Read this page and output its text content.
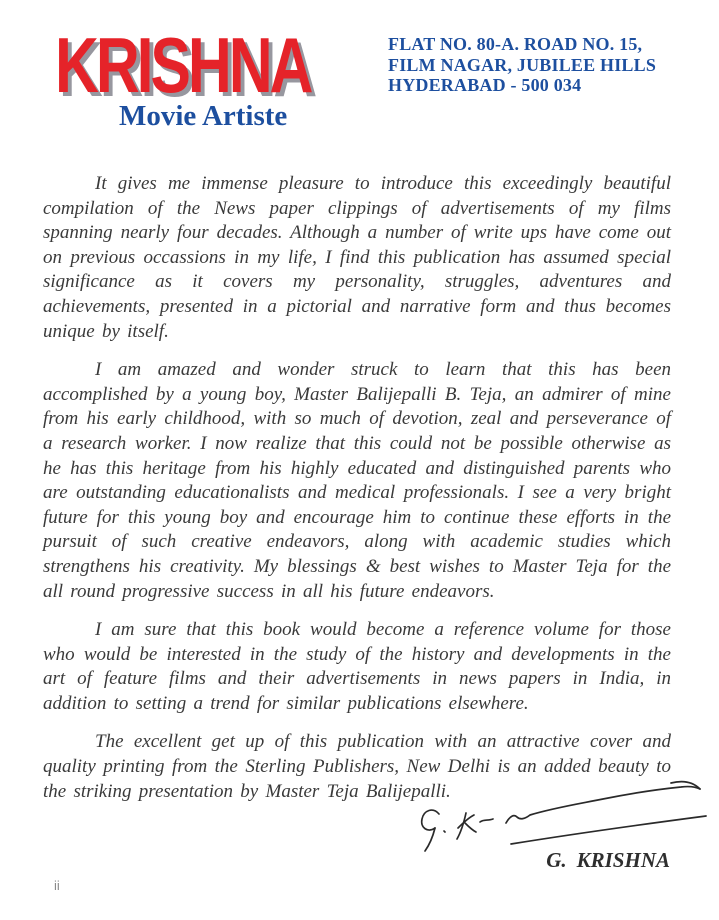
KRISHNA
Movie Artiste
FLAT NO. 80-A. ROAD NO. 15,
FILM NAGAR, JUBILEE HILLS
HYDERABAD - 500 034

It gives me immense pleasure to introduce this exceedingly beautiful compilation of the News paper clippings of advertisements of my films spanning nearly four decades. Although a number of write ups have come out on previous occassions in my life, I find this publication has assumed special significance as it covers my personality, struggles, adventures and achievements, presented in a pictorial and narrative form and thus becomes unique by itself.

I am amazed and wonder struck to learn that this has been accomplished by a young boy, Master Balijepalli B. Teja, an admirer of mine from his early childhood, with so much of devotion, zeal and perseverance of a research worker. I now realize that this could not be possible otherwise as he has this heritage from his highly educated and distinguished parents who are outstanding educationalists and medical professionals. I see a very bright future for this young boy and encourage him to continue these efforts in the pursuit of such creative endeavors, along with academic studies which strengthens his creativity. My blessings & best wishes to Master Teja for the all round progressive success in all his future endeavors.

I am sure that this book would become a reference volume for those who would be interested in the study of the history and developments in the art of feature films and their advertisements in news papers in India, in addition to setting a trend for similar publications elsewhere.

The excellent get up of this publication with an attractive cover and quality printing from the Sterling Publishers, New Delhi is an added beauty to the striking presentation by Master Teja Balijepalli.

G. KRISHNA
ii
